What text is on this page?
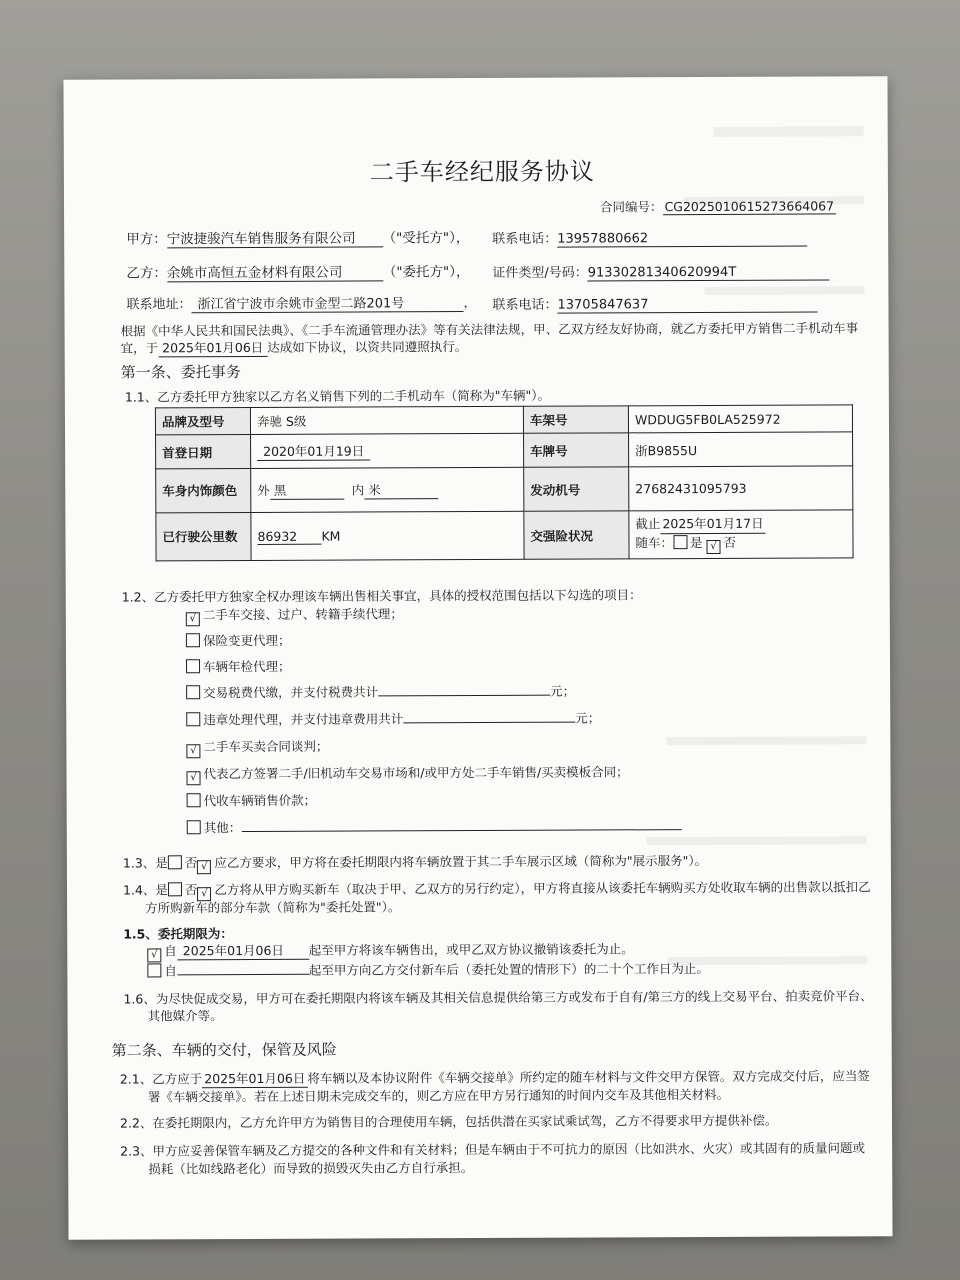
二手车经纪服务协议
合同编号： CG20250106152736640​67
甲方：宁波捷骏汽车销售服务有限公司 （"受托方"）， 联系电话：13957880662
乙方：余姚市高恒五金材料有限公司	（"委托方"）， 证件类型/号码：91330281340620994T
联系地址： 浙江省宁波市余姚市金型二路201号	， 联系电话：13705847637
根据《中华人民共和国民法典》、《二手车流通管理办法》等有关法律法规，甲、乙双方经友好协商，就乙方委托甲方销售二手机动车事
宜，于 2025年01月06日 达成如下协议，以资共同遵照执行。
第一条、委托事务
1.1、乙方委托甲方独家以乙方名义销售下列的二手机动车（简称为"车辆"）。
品牌及型号	奔驰 S级	车架号	WDDUG5FB0LA525972
首登日期	2020年01月19日	车牌号	浙B9855U
车身内饰颜色	外 黑 内 米	发动机号	27682431095793
已行驶公里数	86932 KM	交强险状况	截止 2025年01月17日
随车： 是 √ 否
1.2、乙方委托甲方独家全权办理该车辆出售相关事宜，具体的授权范围包括以下勾选的项目：
√ 二手车交接、过户、转籍手续代理；
保险变更代理；
车辆年检代理；
交易税费代缴，并支付税费共计	元；
违章处理代理，并支付违章费用共计	元；
√ 二手车买卖合同谈判；
√ 代表乙方签署二手/旧机动车交易市场和/或甲方处二手车销售/买卖模板合同；
代收车辆销售价款；
其他：
1.3、是 否 √ 应乙方要求，甲方将在委托期限内将车辆放置于其二手车展示区域（简称为"展示服务"）。
1.4、是 否 √ 乙方将从甲方购买新车（取决于甲、乙双方的另行约定），甲方将直接从该委托车辆购买方处收取车辆的出售款以抵扣乙
方所购新车的部分车款（简称为"委托处置"）。
1.5、委托期限为：
√ 自 2025年01月06日 起至甲方将该车辆售出，或甲乙双方协议撤销该委托为止。
自	起至甲方向乙方交付新车后（委托处置的情形下）的二十个工作日为止。
1.6、为尽快促成交易，甲方可在委托期限内将该车辆及其相关信息提供给第三方或发布于自有/第三方的线上交易平台、拍卖竞价平台、
其他媒介等。
第二条、车辆的交付，保管及风险
2.1、乙方应于 2025年01月06日 将车辆以及本协议附件《车辆交接单》所约定的随车材料与文件交甲方保管。双方完成交付后，应当签
署《车辆交接单》。若在上述日期未完成交车的，则乙方应在甲方另行通知的时间内交车及其他相关材料。
2.2、在委托期限内，乙方允许甲方为销售目的合理使用车辆，包括供潜在买家试乘试驾，乙方不得要求甲方提供补偿。
2.3、甲方应妥善保管车辆及乙方提交的各种文件和有关材料；但是车辆由于不可抗力的原因（比如洪水、火灾）或其固有的质量问题或
损耗（比如线路老化）而导致的损毁灭失由乙方自行承担。
